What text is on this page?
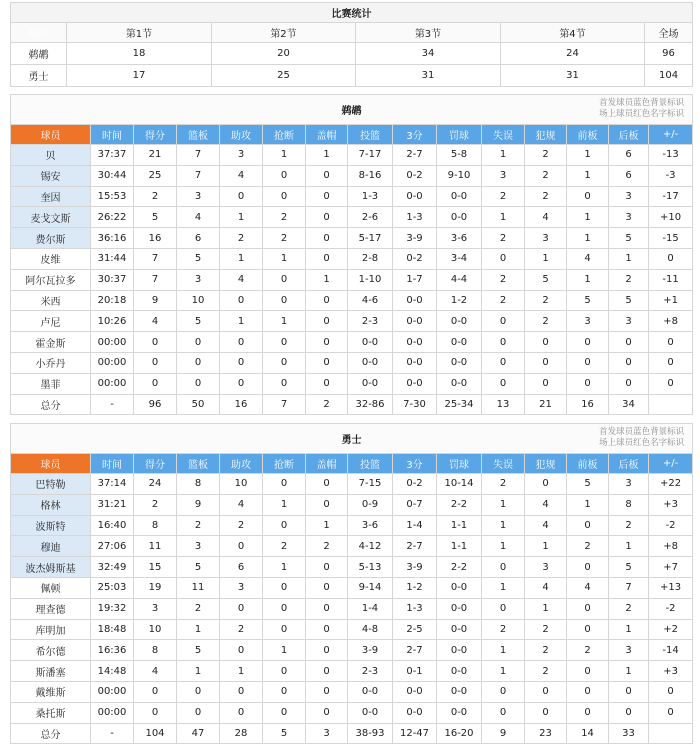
比赛统计					
球队	第1节	第2节	第3节	第4节	全场
鹈鹕	18	20	34	24	96
勇士	17	25	31	31	104
鹈鹕
首发球员蓝色背景标识
场上球员红色名字标识														

球员	时间	得分	篮板	助攻	抢断	盖帽	投篮	3分	罚球	失误	犯规	前板	后板	+/-
贝	37:37	21	7	3	1	1	7-17	2-7	5-8	1	2	1	6	-13
锡安	30:44	25	7	4	0	0	8-16	0-2	9-10	3	2	1	6	-3
奎因	15:53	2	3	0	0	0	1-3	0-0	0-0	2	2	0	3	-17
麦戈文斯	26:22	5	4	1	2	0	2-6	1-3	0-0	1	4	1	3	+10
费尔斯	36:16	16	6	2	2	0	5-17	3-9	3-6	2	3	1	5	-15
皮维	31:44	7	5	1	1	0	2-8	0-2	3-4	0	1	4	1	0
阿尔瓦拉多	30:37	7	3	4	0	1	1-10	1-7	4-4	2	5	1	2	-11
米西	20:18	9	10	0	0	0	4-6	0-0	1-2	2	2	5	5	+1
卢尼	10:26	4	5	1	1	0	2-3	0-0	0-0	0	2	3	3	+8
霍金斯	00:00	0	0	0	0	0	0-0	0-0	0-0	0	0	0	0	0
小乔丹	00:00	0	0	0	0	0	0-0	0-0	0-0	0	0	0	0	0
墨菲	00:00	0	0	0	0	0	0-0	0-0	0-0	0	0	0	0	0
总分	-	96	50	16	7	2	32-86	7-30	25-34	13	21	16	34	
勇士
首发球员蓝色背景标识
场上球员红色名字标识														

球员	时间	得分	篮板	助攻	抢断	盖帽	投篮	3分	罚球	失误	犯规	前板	后板	+/-
巴特勒	37:14	24	8	10	0	0	7-15	0-2	10-14	2	0	5	3	+22
格林	31:21	2	9	4	1	0	0-9	0-7	2-2	1	4	1	8	+3
波斯特	16:40	8	2	2	0	1	3-6	1-4	1-1	1	4	0	2	-2
穆迪	27:06	11	3	0	2	2	4-12	2-7	1-1	1	1	2	1	+8
波杰姆斯基	32:49	15	5	6	1	0	5-13	3-9	2-2	0	3	0	5	+7
佩顿	25:03	19	11	3	0	0	9-14	1-2	0-0	1	4	4	7	+13
理查德	19:32	3	2	0	0	0	1-4	1-3	0-0	0	1	0	2	-2
库明加	18:48	10	1	2	0	0	4-8	2-5	0-0	2	2	0	1	+2
希尔德	16:36	8	5	0	1	0	3-9	2-7	0-0	1	2	2	3	-14
斯潘塞	14:48	4	1	1	0	0	2-3	0-1	0-0	1	2	0	1	+3
戴维斯	00:00	0	0	0	0	0	0-0	0-0	0-0	0	0	0	0	0
桑托斯	00:00	0	0	0	0	0	0-0	0-0	0-0	0	0	0	0	0
总分	-	104	47	28	5	3	38-93	12-47	16-20	9	23	14	33	
